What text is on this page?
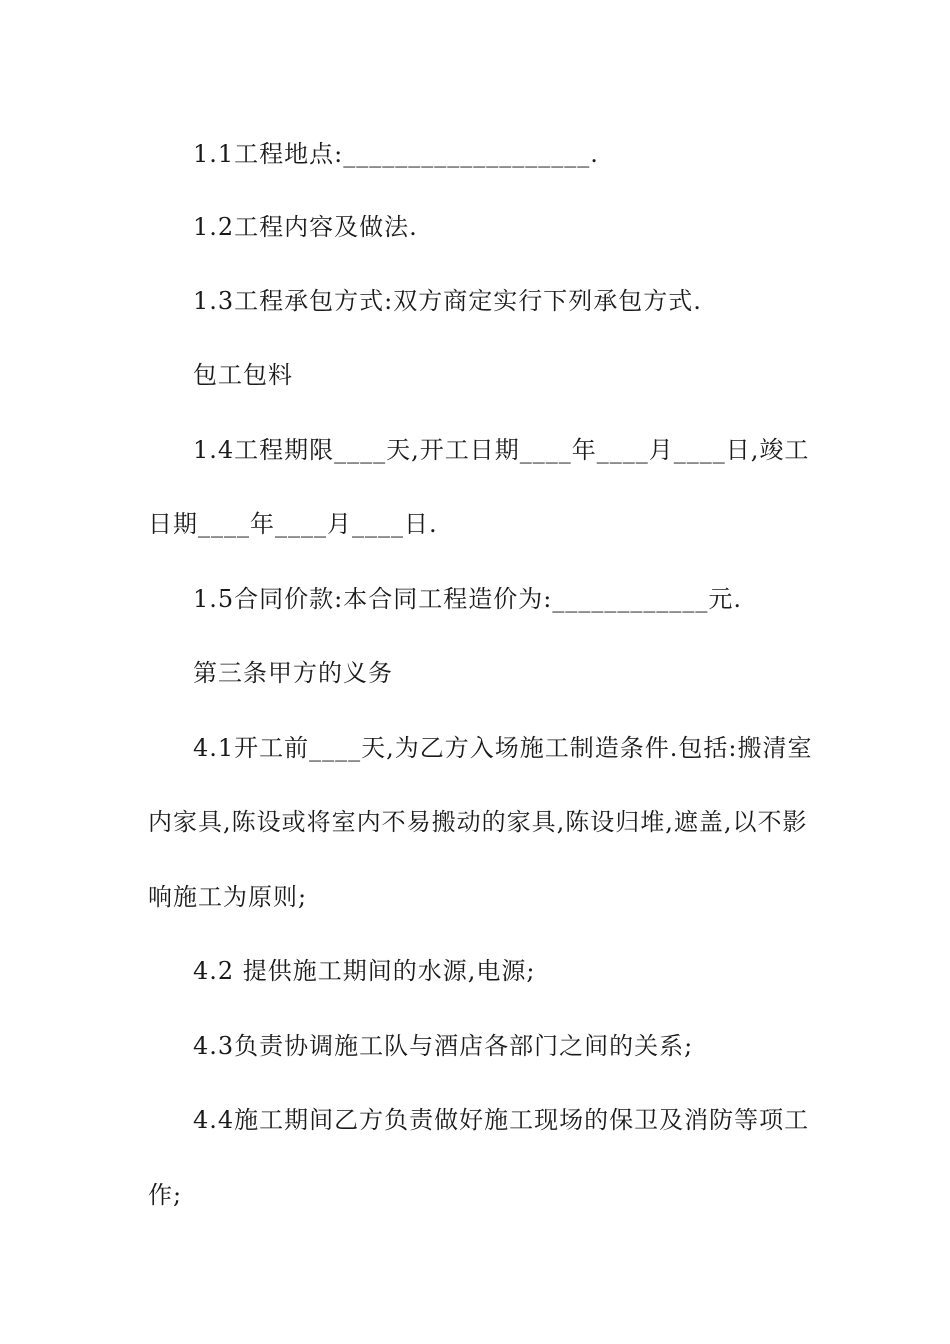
1.1工程地点:___________________.
1.2工程内容及做法.
1.3工程承包方式:双方商定实行下列承包方式.
包工包料
1.4工程期限____天,开工日期____年____月____日,竣工
日期____年____月____日.
1.5合同价款:本合同工程造价为:____________元.
第三条甲方的义务
4.1开工前____天,为乙方入场施工制造条件.包括:搬清室
内家具,陈设或将室内不易搬动的家具,陈设归堆,遮盖,以不影
响施工为原则;
4.2 提供施工期间的水源,电源;
4.3负责协调施工队与酒店各部门之间的关系;
4.4施工期间乙方负责做好施工现场的保卫及消防等项工
作;
